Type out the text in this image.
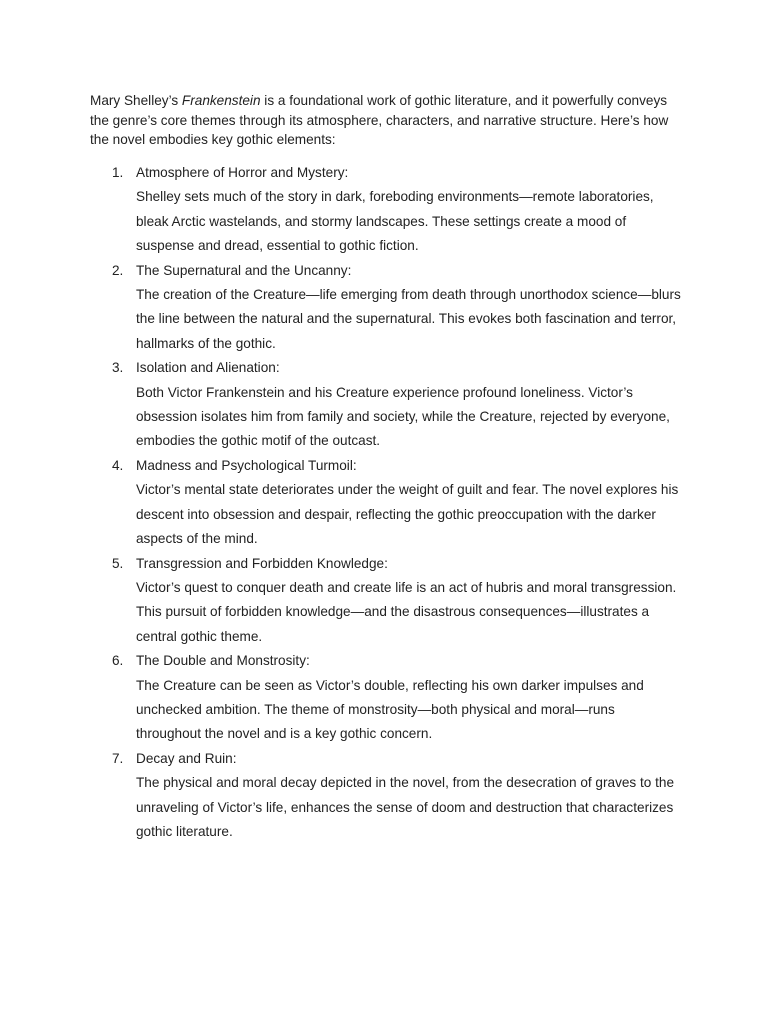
Mary Shelley’s Frankenstein is a foundational work of gothic literature, and it powerfully conveys the genre’s core themes through its atmosphere, characters, and narrative structure. Here’s how the novel embodies key gothic elements:

1. Atmosphere of Horror and Mystery:
Shelley sets much of the story in dark, foreboding environments—remote laboratories, bleak Arctic wastelands, and stormy landscapes. These settings create a mood of suspense and dread, essential to gothic fiction.
2. The Supernatural and the Uncanny:
The creation of the Creature—life emerging from death through unorthodox science—blurs the line between the natural and the supernatural. This evokes both fascination and terror, hallmarks of the gothic.
3. Isolation and Alienation:
Both Victor Frankenstein and his Creature experience profound loneliness. Victor’s obsession isolates him from family and society, while the Creature, rejected by everyone, embodies the gothic motif of the outcast.
4. Madness and Psychological Turmoil:
Victor’s mental state deteriorates under the weight of guilt and fear. The novel explores his descent into obsession and despair, reflecting the gothic preoccupation with the darker aspects of the mind.
5. Transgression and Forbidden Knowledge:
Victor’s quest to conquer death and create life is an act of hubris and moral transgression. This pursuit of forbidden knowledge—and the disastrous consequences—illustrates a central gothic theme.
6. The Double and Monstrosity:
The Creature can be seen as Victor’s double, reflecting his own darker impulses and unchecked ambition. The theme of monstrosity—both physical and moral—runs throughout the novel and is a key gothic concern.
7. Decay and Ruin:
The physical and moral decay depicted in the novel, from the desecration of graves to the unraveling of Victor’s life, enhances the sense of doom and destruction that characterizes gothic literature.
